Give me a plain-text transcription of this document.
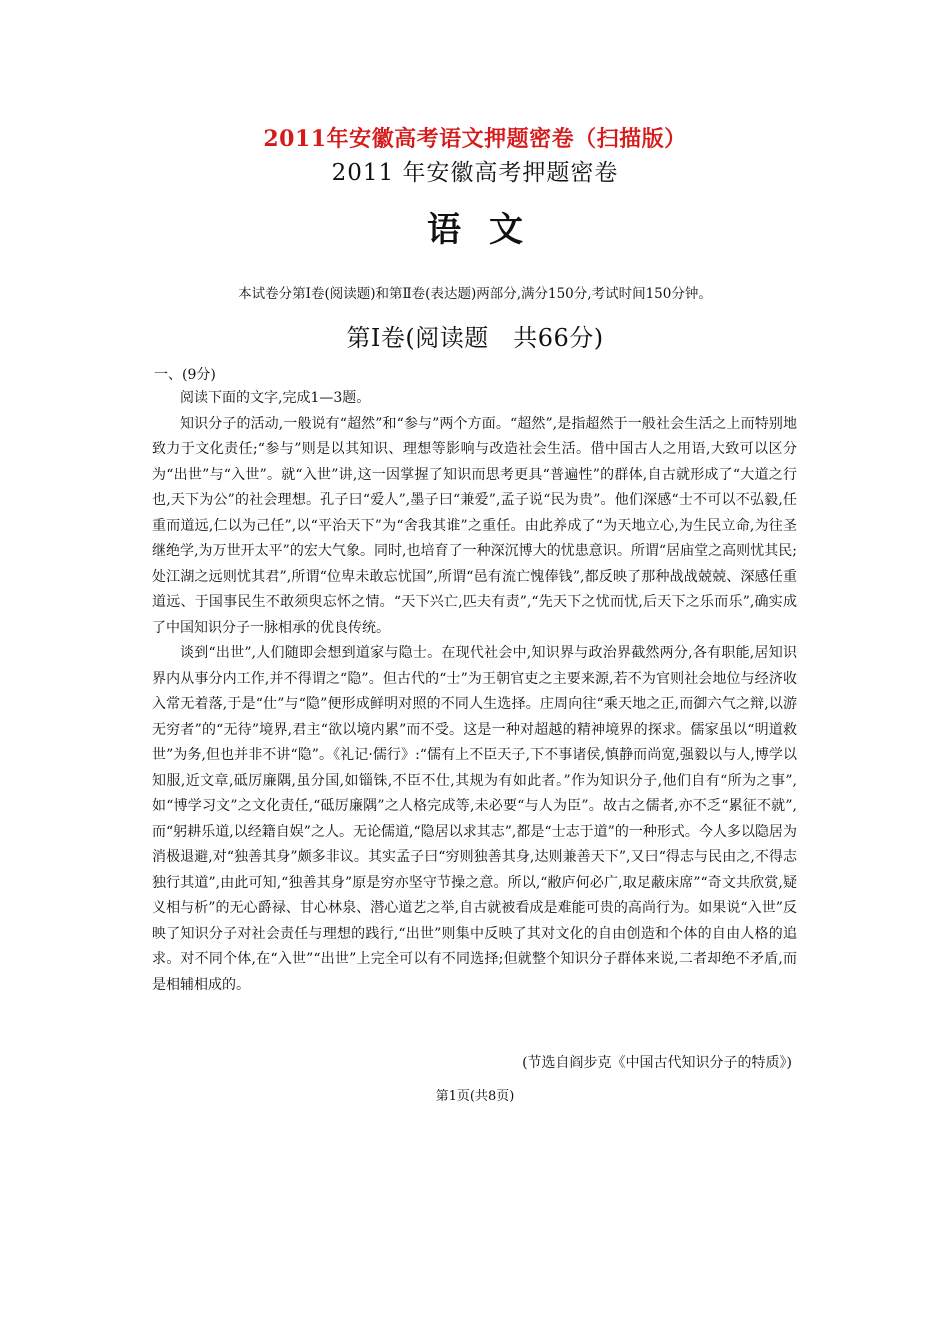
2011年安徽高考语文押题密卷（扫描版）
2011 年安徽高考押题密卷
语 文
本试卷分第Ⅰ卷(阅读题)和第Ⅱ卷(表达题)两部分,满分150分,考试时间150分钟。
第Ⅰ卷(阅读题　共66分)
一、(9分)

阅读下面的文字,完成1—3题。

知识分子的活动,一般说有“超然”和“参与”两个方面。“超然”,是指超然于一般社会生活之上而特别地致力于文化责任;“参与”则是以其知识、理想等影响与改造社会生活。借中国古人之用语,大致可以区分为“出世”与“入世”。就“入世”讲,这一因掌握了知识而思考更具“普遍性”的群体,自古就形成了“大道之行也,天下为公”的社会理想。孔子曰“爱人”,墨子曰“兼爱”,孟子说“民为贵”。他们深感“士不可以不弘毅,任重而道远,仁以为己任”,以“平治天下”为“舍我其谁”之重任。由此养成了“为天地立心,为生民立命,为往圣继绝学,为万世开太平”的宏大气象。同时,也培育了一种深沉博大的忧患意识。所谓“居庙堂之高则忧其民;处江湖之远则忧其君”,所谓“位卑未敢忘忧国”,所谓“邑有流亡愧俸钱”,都反映了那种战战兢兢、深感任重道远、于国事民生不敢须臾忘怀之情。“天下兴亡,匹夫有责”,“先天下之忧而忧,后天下之乐而乐”,确实成了中国知识分子一脉相承的优良传统。

谈到“出世”,人们随即会想到道家与隐士。在现代社会中,知识界与政治界截然两分,各有职能,居知识界内从事分内工作,并不得谓之“隐”。但古代的“士”为王朝官吏之主要来源,若不为官则社会地位与经济收入常无着落,于是“仕”与“隐”便形成鲜明对照的不同人生选择。庄周向往“乘天地之正,而御六气之辩,以游无穷者”的“无待”境界,君主“欲以境内累”而不受。这是一种对超越的精神境界的探求。儒家虽以“明道救世”为务,但也并非不讲“隐”。《礼记·儒行》:“儒有上不臣天子,下不事诸侯,慎静而尚宽,强毅以与人,博学以知服,近文章,砥厉廉隅,虽分国,如锱铢,不臣不仕,其规为有如此者。”作为知识分子,他们自有“所为之事”,如“博学习文”之文化责任,“砥厉廉隅”之人格完成等,未必要“与人为臣”。故古之儒者,亦不乏“累征不就”,而“躬耕乐道,以经籍自娱”之人。无论儒道,“隐居以求其志”,都是“士志于道”的一种形式。今人多以隐居为消极退避,对“独善其身”颇多非议。其实孟子曰“穷则独善其身,达则兼善天下”,又曰“得志与民由之,不得志独行其道”,由此可知,“独善其身”原是穷亦坚守节操之意。所以,“敝庐何必广,取足蔽床席”“奇文共欣赏,疑义相与析”的无心爵禄、甘心林泉、潜心道艺之举,自古就被看成是难能可贵的高尚行为。如果说“入世”反映了知识分子对社会责任与理想的践行,“出世”则集中反映了其对文化的自由创造和个体的自由人格的追求。对不同个体,在“入世”“出世”上完全可以有不同选择;但就整个知识分子群体来说,二者却绝不矛盾,而是相辅相成的。

(节选自阎步克《中国古代知识分子的特质》)
第1页(共8页)
